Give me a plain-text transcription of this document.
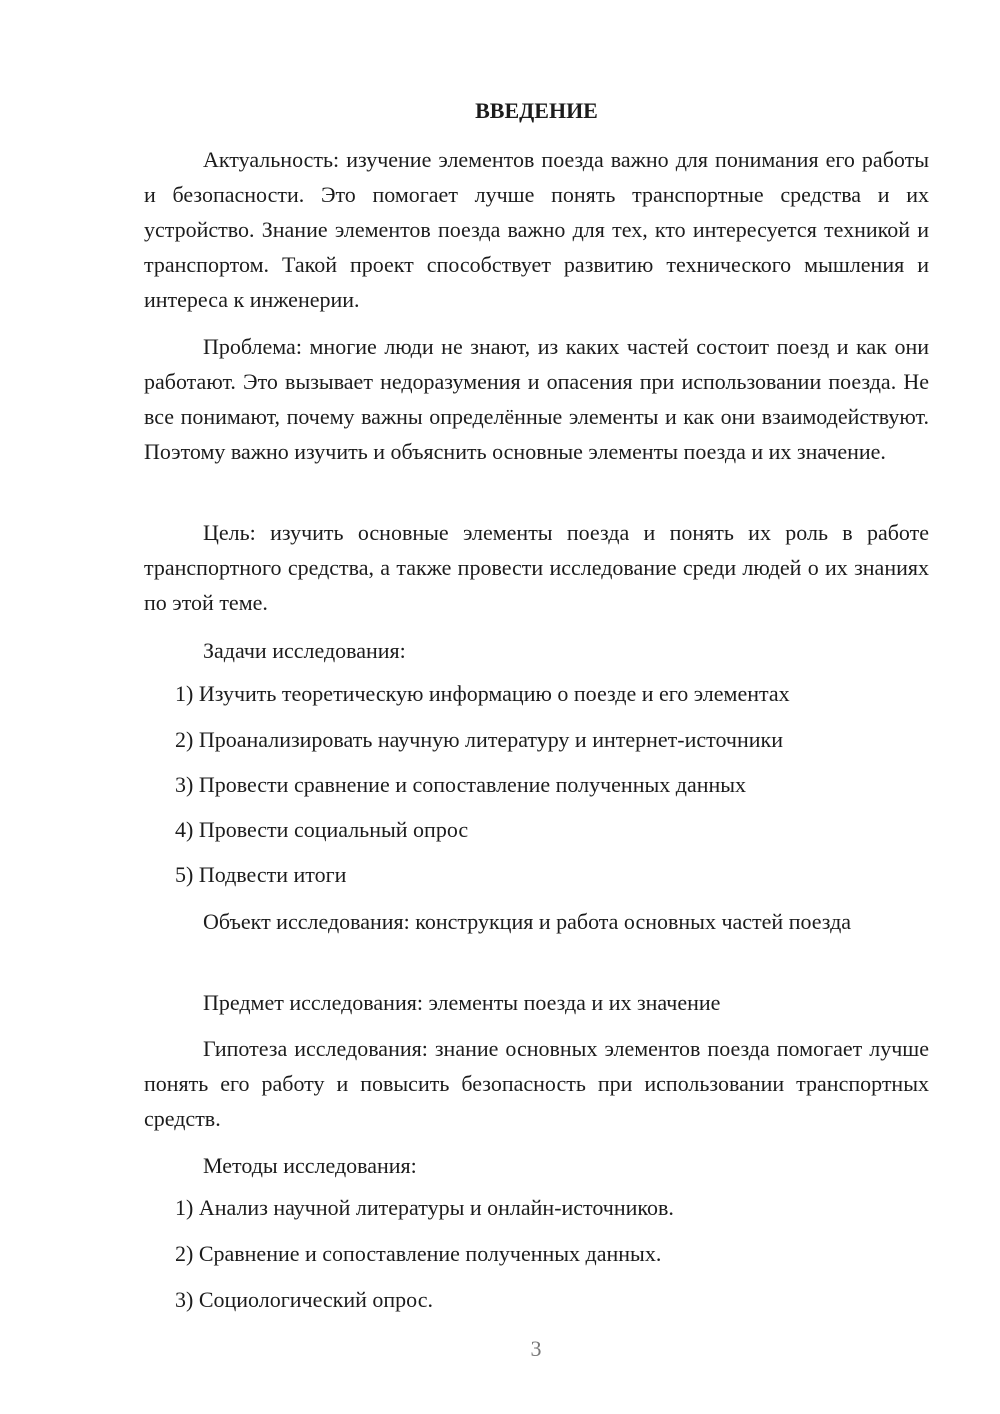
ВВЕДЕНИЕ

Актуальность: изучение элементов поезда важно для понимания его работы и безопасности. Это помогает лучше понять транспортные средства и их устройство. Знание элементов поезда важно для тех, кто интересуется техникой и транспортом. Такой проект способствует развитию технического мышления и интереса к инженерии.

Проблема: многие люди не знают, из каких частей состоит поезд и как они работают. Это вызывает недоразумения и опасения при использовании поезда. Не все понимают, почему важны определённые элементы и как они взаимодействуют. Поэтому важно изучить и объяснить основные элементы поезда и их значение.

Цель: изучить основные элементы поезда и понять их роль в работе транспортного средства, а также провести исследование среди людей о их знаниях по этой теме.

Задачи исследования:

1) Изучить теоретическую информацию о поезде и его элементах

2) Проанализировать научную литературу и интернет-источники

3) Провести сравнение и сопоставление полученных данных

4) Провести социальный опрос

5) Подвести итоги

Объект исследования: конструкция и работа основных частей поезда

Предмет исследования: элементы поезда и их значение

Гипотеза исследования: знание основных элементов поезда помогает лучше понять его работу и повысить безопасность при использовании транспортных средств.

Методы исследования:

1) Анализ научной литературы и онлайн-источников.

2) Сравнение и сопоставление полученных данных.

3) Социологический опрос.

3
